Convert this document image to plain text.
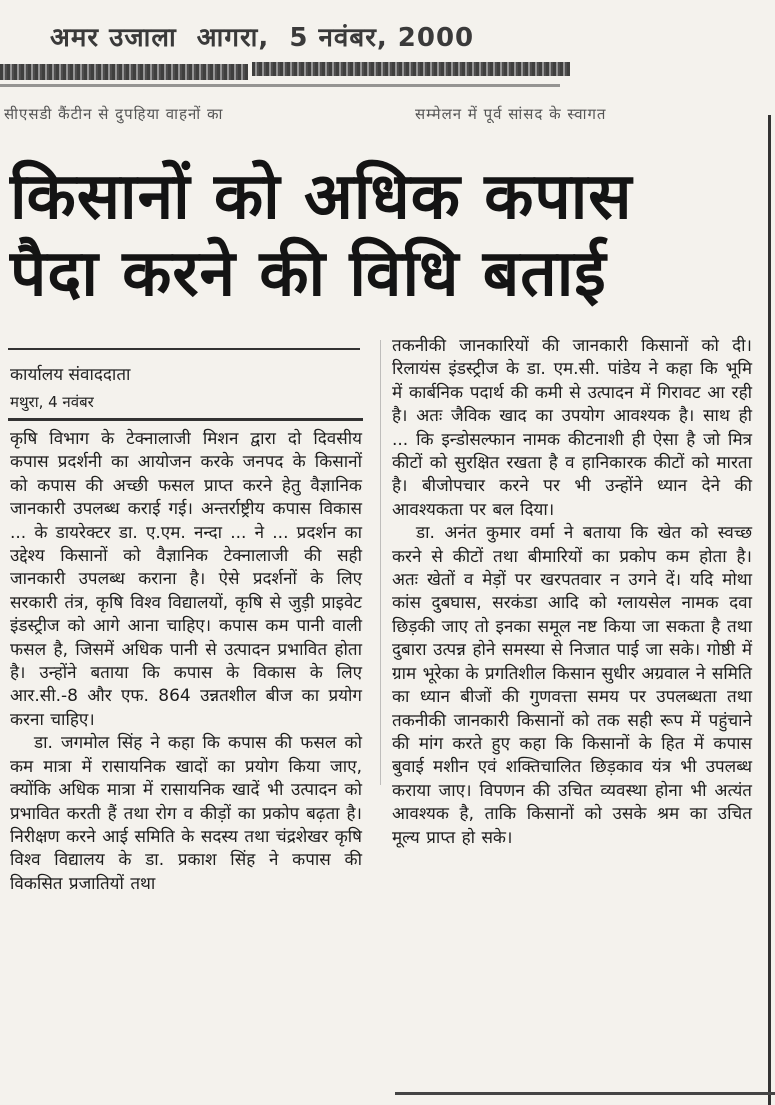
अमर उजाला आगरा, 5 नवंबर, 2000
सीएसडी कैंटीन से दुपहिया वाहनों का	सम्मेलन में पूर्व सांसद के स्वागत
किसानों को अधिक कपास
पैदा करने की विधि बताई
कार्यालय संवाददाता
मथुरा, 4 नवंबर

कृषि विभाग के टेक्नालाजी मिशन द्वारा दो दिवसीय कपास प्रदर्शनी का आयोजन करके जनपद के किसानों को कपास की अच्छी फसल प्राप्त करने हेतु वैज्ञानिक जानकारी उपलब्ध कराई गई। अन्तर्राष्ट्रीय कपास विकास ... के डायरेक्टर डा. ए.एम. नन्दा ... ने ... प्रदर्शन का उद्देश्य किसानों को वैज्ञानिक टेक्नालाजी की सही जानकारी उपलब्ध कराना है। ऐसे प्रदर्शनों के लिए सरकारी तंत्र, कृषि विश्व विद्यालयों, कृषि से जुड़ी प्राइवेट इंडस्ट्रीज को आगे आना चाहिए। कपास कम पानी वाली फसल है, जिसमें अधिक पानी से उत्पादन प्रभावित होता है। उन्होंने बताया कि कपास के विकास के लिए आर.सी.-8 और एफ. 864 उन्नतशील बीज का प्रयोग करना चाहिए।

डा. जगमोल सिंह ने कहा कि कपास की फसल को कम मात्रा में रासायनिक खादों का प्रयोग किया जाए, क्योंकि अधिक मात्रा में रासायनिक खादें भी उत्पादन को प्रभावित करती हैं तथा रोग व कीड़ों का प्रकोप बढ़ता है। निरीक्षण करने आई समिति के सदस्य तथा चंद्रशेखर कृषि विश्व विद्यालय के डा. प्रकाश सिंह ने कपास की विकसित प्रजातियों तथा

तकनीकी जानकारियों की जानकारी किसानों को दी। रिलायंस इंडस्ट्रीज के डा. एम.सी. पांडेय ने कहा कि भूमि में कार्बनिक पदार्थ की कमी से उत्पादन में गिरावट आ रही है। अतः जैविक खाद का उपयोग आवश्यक है। साथ ही ... कि इन्डोसल्फान नामक कीटनाशी ही ऐसा है जो मित्र कीटों को सुरक्षित रखता है व हानिकारक कीटों को मारता है। बीजोपचार करने पर भी उन्होंने ध्यान देने की आवश्यकता पर बल दिया।

डा. अनंत कुमार वर्मा ने बताया कि खेत को स्वच्छ करने से कीटों तथा बीमारियों का प्रकोप कम होता है। अतः खेतों व मेड़ों पर खरपतवार न उगने दें। यदि मोथा कांस दुबघास, सरकंडा आदि को ग्लायसेल नामक दवा छिड़की जाए तो इनका समूल नष्ट किया जा सकता है तथा दुबारा उत्पन्न होने समस्या से निजात पाई जा सके। गोष्ठी में ग्राम भूरेका के प्रगतिशील किसान सुधीर अग्रवाल ने समिति का ध्यान बीजों की गुणवत्ता समय पर उपलब्धता तथा तकनीकी जानकारी किसानों को तक सही रूप में पहुंचाने की मांग करते हुए कहा कि किसानों के हित में कपास बुवाई मशीन एवं शक्तिचालित छिड़काव यंत्र भी उपलब्ध कराया जाए। विपणन की उचित व्यवस्था होना भी अत्यंत आवश्यक है, ताकि किसानों को उसके श्रम का उचित मूल्य प्राप्त हो सके।
